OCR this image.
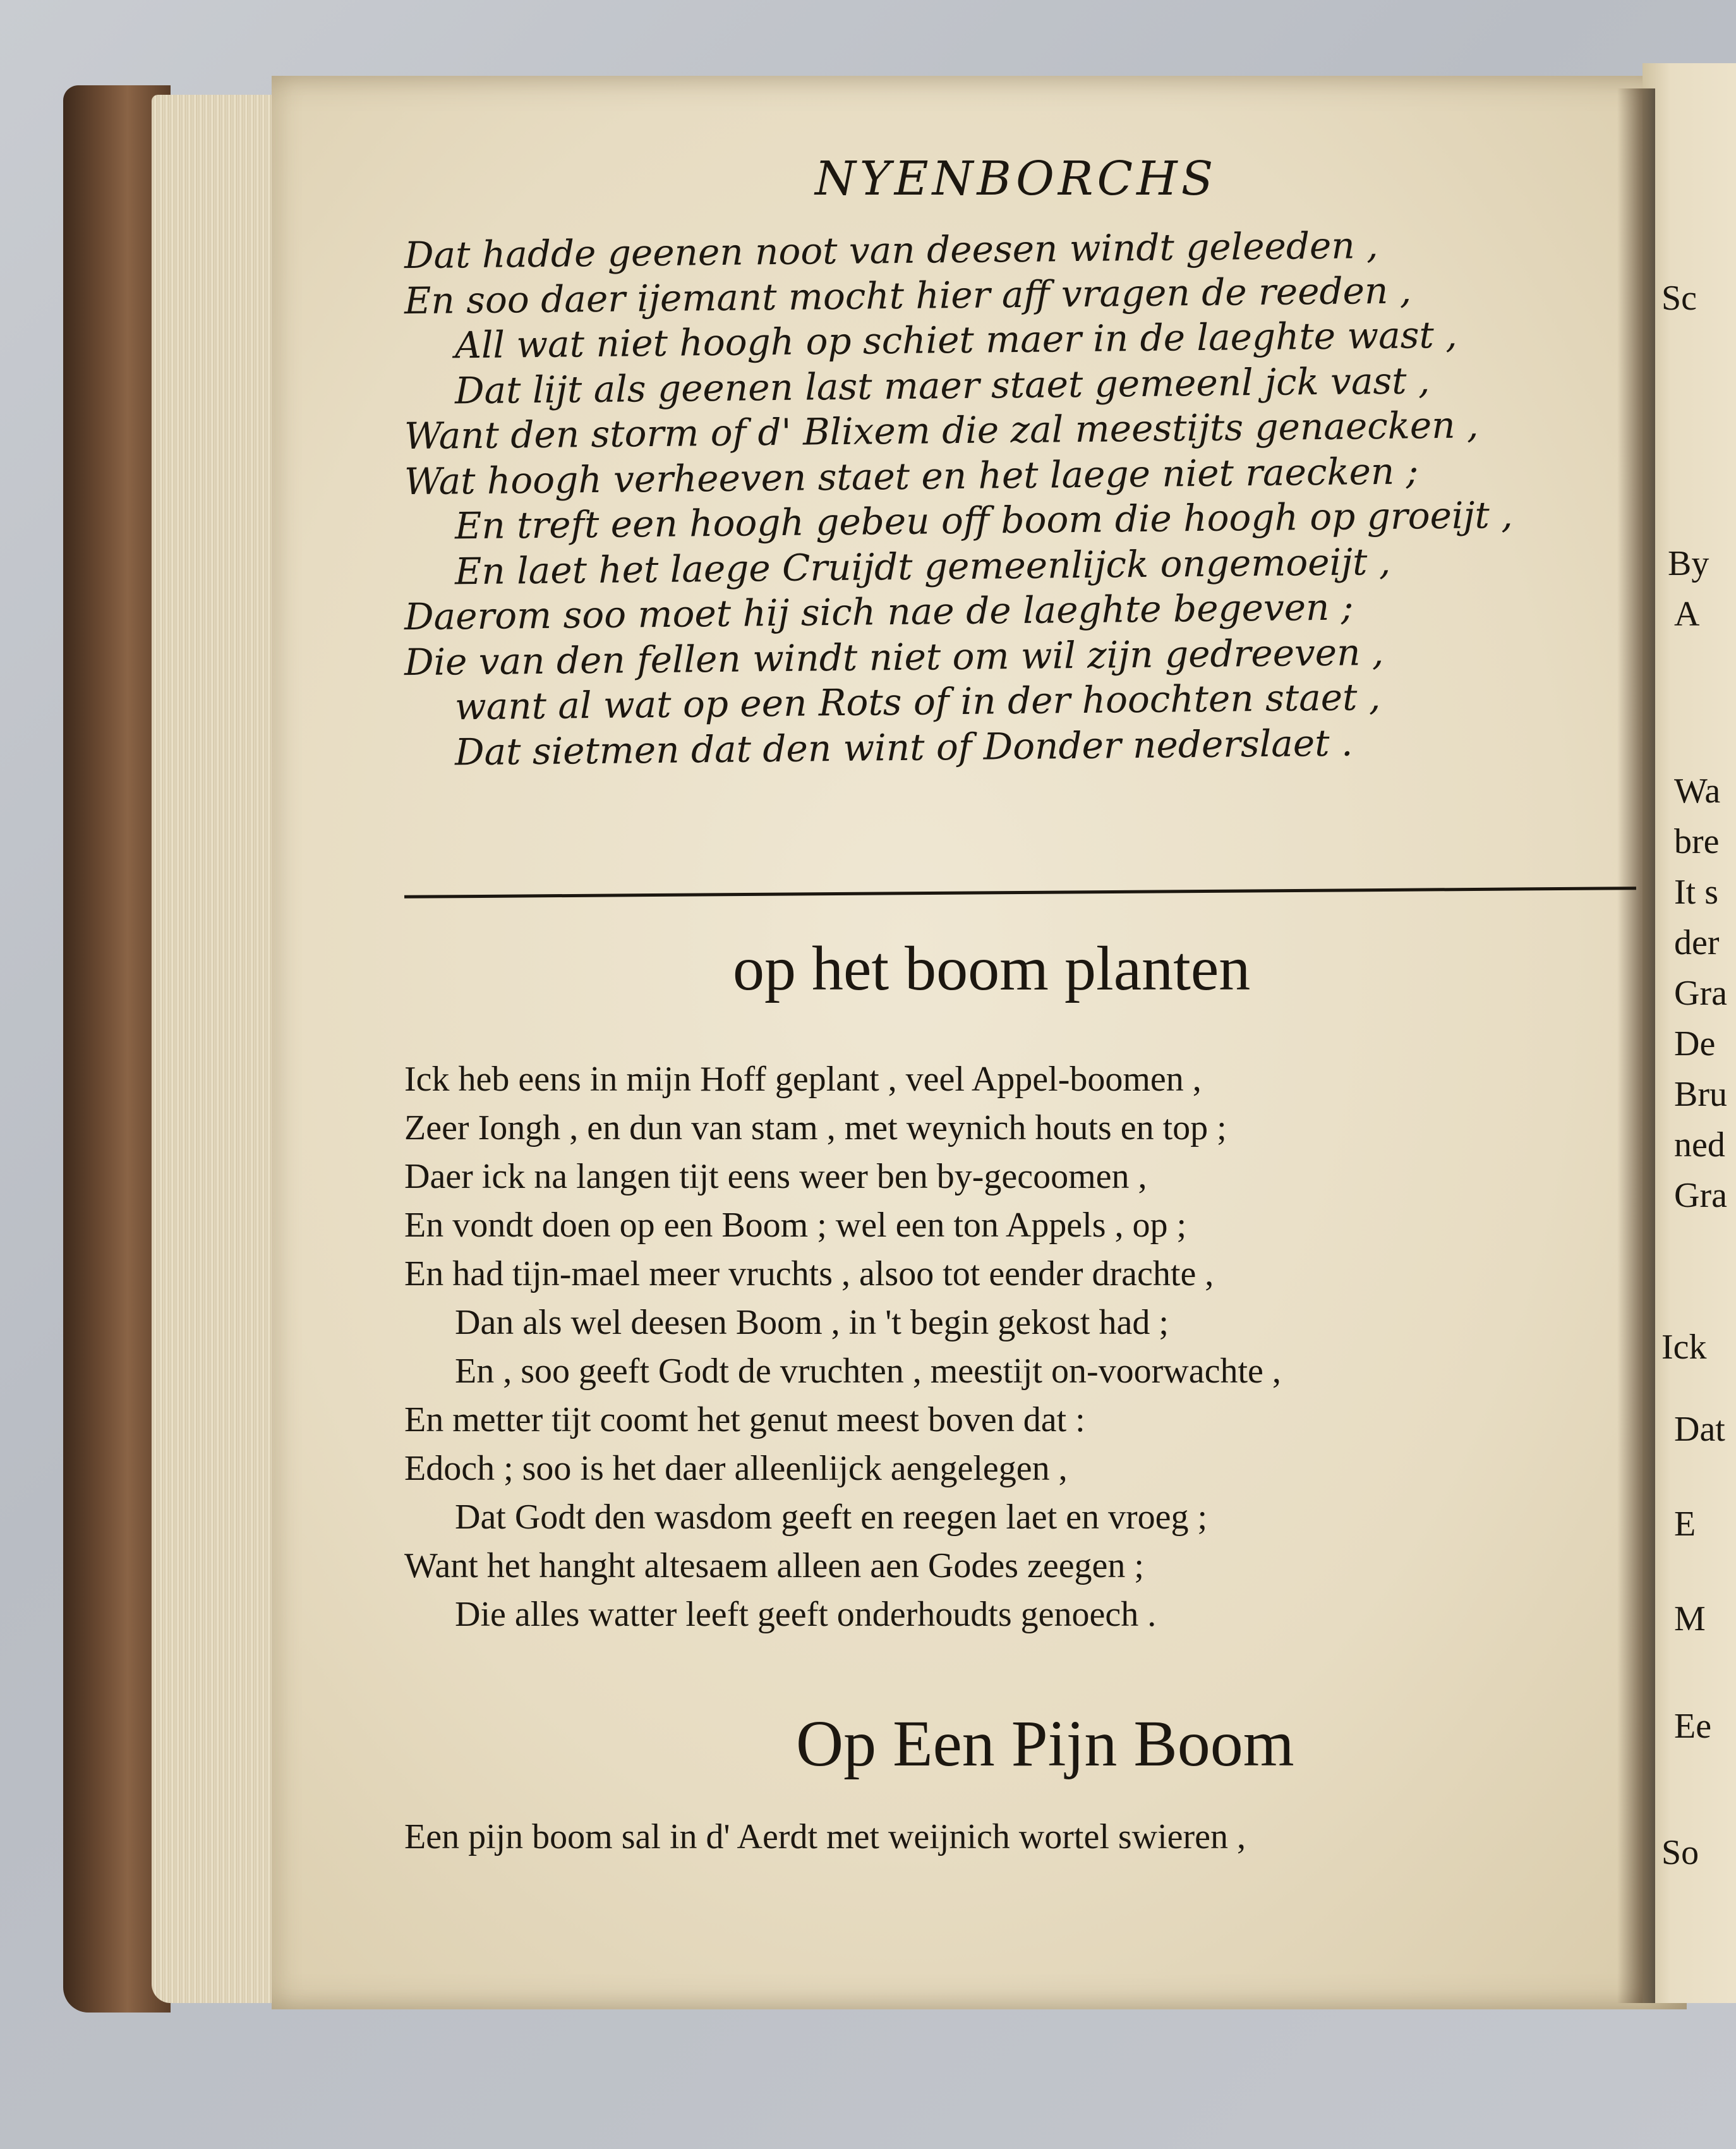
NYENBORCHS
Dat hadde geenen noot van deesen windt geleeden ,
En soo daer ijemant mocht hier aff vragen de reeden ,
All wat niet hoogh op schiet maer in de laeghte wast ,
Dat lijt als geenen last maer staet gemeenl jck vast ,
Want den storm of d' Blixem die zal meestijts genaecken ,
Wat hoogh verheeven staet en het laege niet raecken ;
En treft een hoogh gebeu off boom die hoogh op groeijt ,
En laet het laege Cruijdt gemeenlijck ongemoeijt ,
Daerom soo moet hij sich nae de laeghte begeven ;
Die van den fellen windt niet om wil zijn gedreeven ,
want al wat op een Rots of in der hoochten staet ,
Dat sietmen dat den wint of Donder nederslaet .
op het boom planten
Ick heb eens in mijn Hoff geplant , veel Appel-boomen ,
Zeer Iongh , en dun van stam , met weynich houts en top ;
Daer ick na langen tijt eens weer ben by-gecoomen ,
En vondt doen op een Boom ; wel een ton Appels , op ;
En had tijn-mael meer vruchts , alsoo tot eender drachte ,
Dan als wel deesen Boom , in 't begin gekost had ;
En , soo geeft Godt de vruchten , meestijt on-voorwachte ,
En metter tijt coomt het genut meest boven dat :
Edoch ; soo is het daer alleenlijck aengelegen ,
Dat Godt den wasdom geeft en reegen laet en vroeg ;
Want het hanght altesaem alleen aen Godes zeegen ;
Die alles watter leeft geeft onderhoudts genoech .
Op Een Pijn Boom
Een pijn boom sal in d' Aerdt met weijnich wortel swieren ,
Sc
By
A
Wa
bre
It s
der
Gra
De
Bru
ned
Gra
Ick
Dat
E
M
Ee
So
